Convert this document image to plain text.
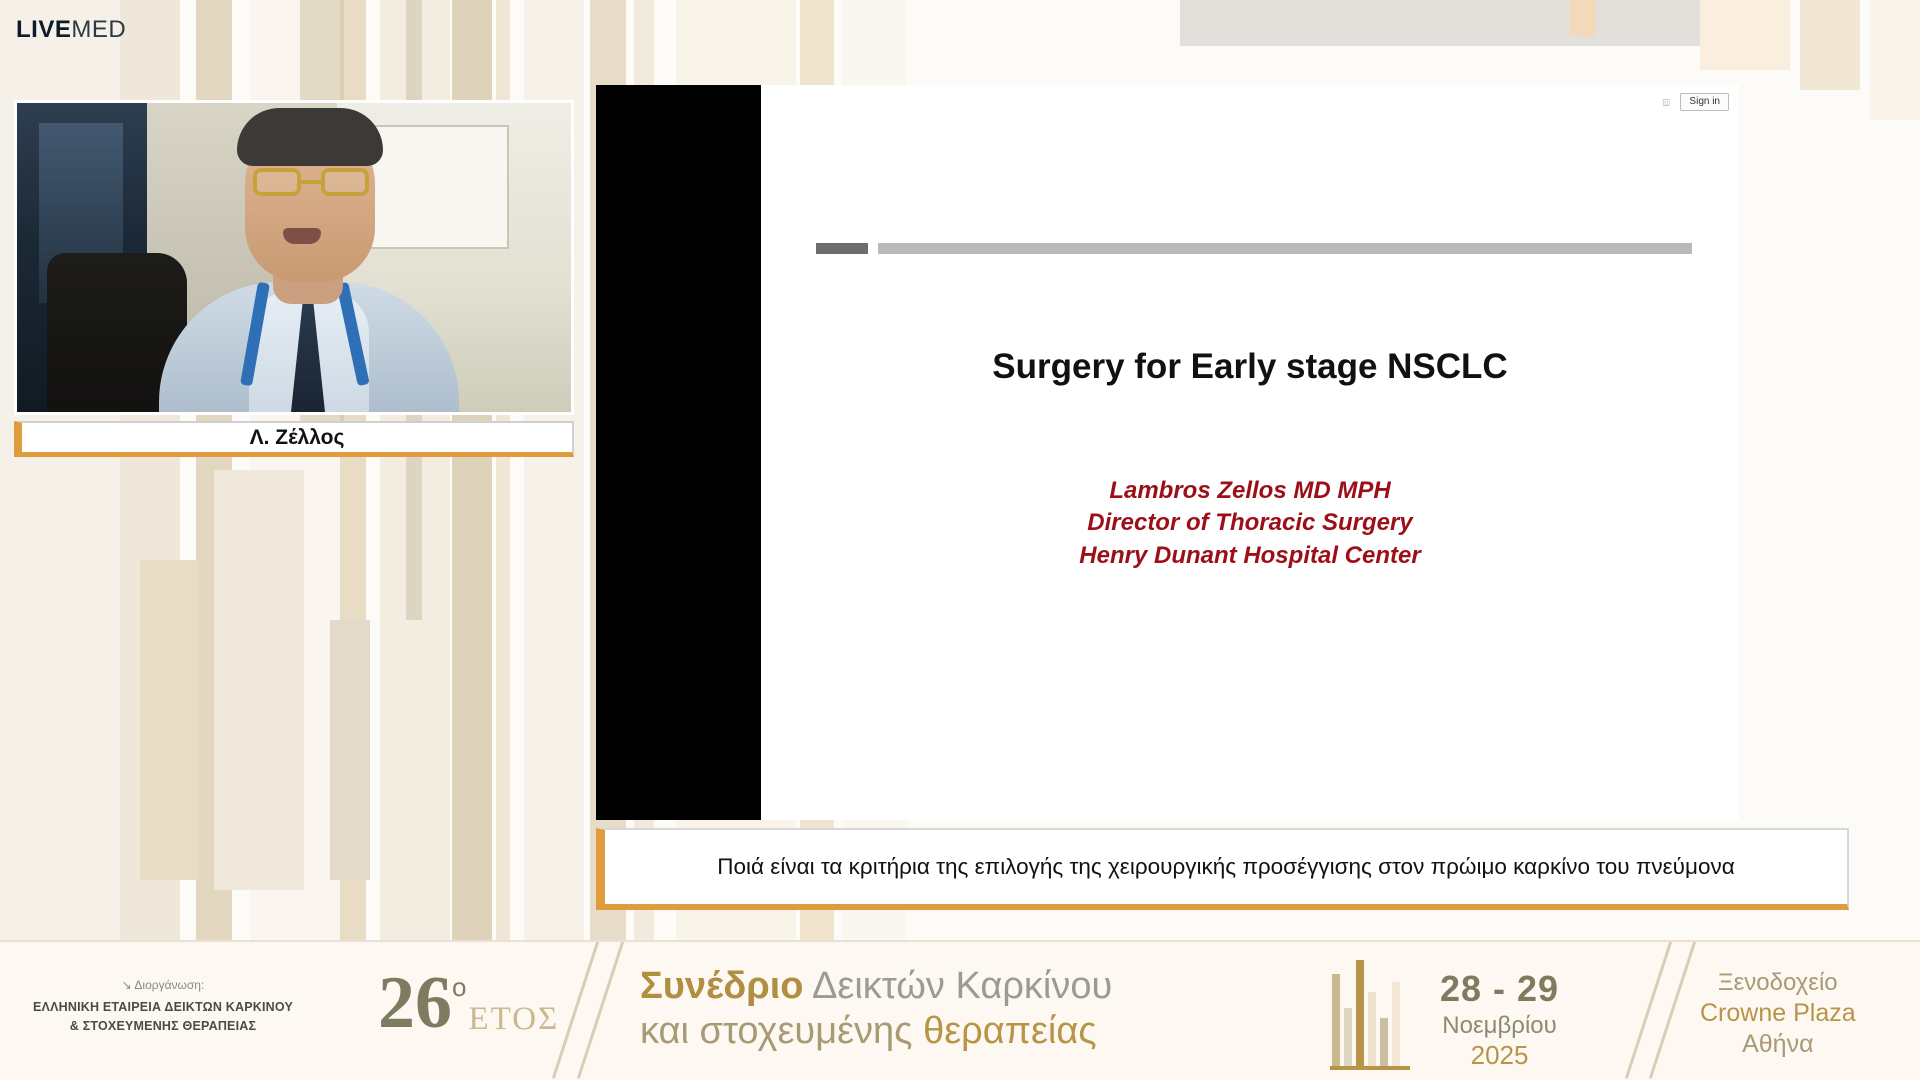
LIVEMED
Λ. Ζέλλος
⧈	Sign in
Surgery for Early stage NSCLC
Lambros Zellos MD MPH
Director of Thoracic Surgery
Henry Dunant Hospital Center
Ποιά είναι τα κριτήρια της επιλογής της χειρουργικής προσέγγισης στον πρώιμο καρκίνο του πνεύμονα
↘ Διοργάνωση:
ΕΛΛΗΝΙΚΗ ΕΤΑΙΡΕΙΑ ΔΕΙΚΤΩΝ ΚΑΡΚΙΝΟΥ
& ΣΤΟΧΕΥΜΕΝΗΣ ΘΕΡΑΠΕΙΑΣ	26 ο
ΕΤΟΣ
Συνέδριο Δεικτών Καρκίνου
και στοχευμένης θεραπείας
28 - 29
Νοεμβρίου
2025
Ξενοδοχείο
Crowne Plaza
Αθήνα
